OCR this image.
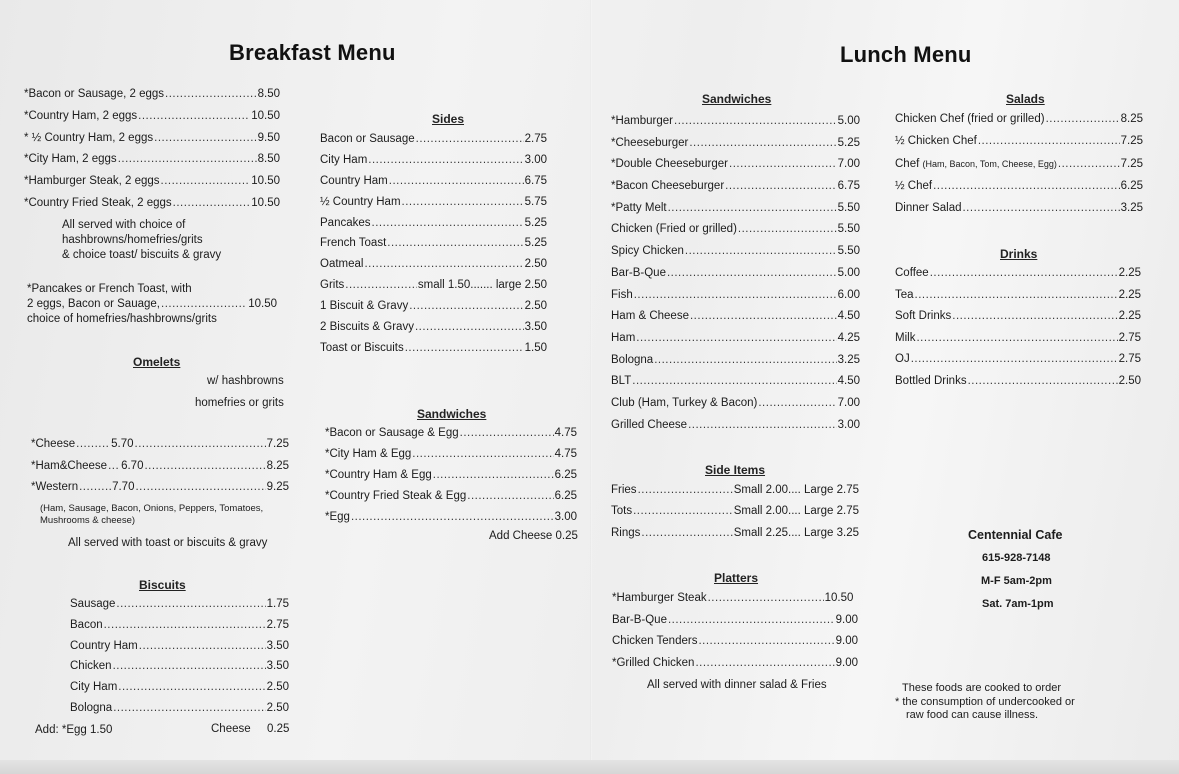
Breakfast Menu
*Bacon or Sausage, 2 eggs .....	8.50
*Country Ham, 2 eggs .....	10.50
* ½ Country Ham, 2 eggs .....	9.50
*City Ham, 2 eggs .....	8.50
*Hamburger Steak, 2 eggs .....	10.50
*Country Fried Steak, 2 eggs .....	10.50
All served with choice of
hashbrowns/homefries/grits
& choice toast/ biscuits & gravy
*Pancakes or French Toast, with
2 eggs, Bacon or Sauage, .....	10.50
choice of homefries/hashbrowns/grits
Omelets
w/ hashbrowns
homefries or grits
*Cheese .....	5.70 .....	7.25
*Ham&Cheese ..... 6.70 .....	8.25
*Western .....	7.70 .....	9.25
(Ham, Sausage, Bacon, Onions, Peppers, Tomatoes,
Mushrooms & cheese)
All served with toast or biscuits & gravy
Biscuits
Sausage .....	1.75
Bacon .....	2.75
Country Ham .....	3.50
Chicken .....	3.50
City Ham .....	2.50
Bologna .....	2.50
Add: *Egg 1.50	Cheese 0.25
Sides
Bacon or Sausage .....	2.75
City Ham .....	3.00
Country Ham .....	6.75
½ Country Ham .....	5.75
Pancakes .....	5.25
French Toast .....	5.25
Oatmeal .....	2.50
Grits .....	small 1.50....... large 2.50
1 Biscuit & Gravy .....	2.50
2 Biscuits & Gravy .....	3.50
Toast or Biscuits .....	1.50
Sandwiches
*Bacon or Sausage & Egg .....	4.75
*City Ham & Egg .....	4.75
*Country Ham & Egg .....	6.25
*Country Fried Steak & Egg .....	6.25
*Egg .....	3.00
Add Cheese 0.25
Lunch Menu
Sandwiches
*Hamburger .....	5.00
*Cheeseburger .....	5.25
*Double Cheeseburger .....	7.00
*Bacon Cheeseburger .....	6.75
*Patty Melt .....	5.50
Chicken (Fried or grilled) .....	5.50
Spicy Chicken .....	5.50
Bar-B-Que .....	5.00
Fish .....	6.00
Ham & Cheese .....	4.50
Ham .....	4.25
Bologna .....	3.25
BLT .....	4.50
Club (Ham, Turkey & Bacon) .....	7.00
Grilled Cheese .....	3.00
Side Items
Fries .....	Small 2.00.... Large 2.75
Tots .....	Small 2.00.... Large 2.75
Rings .....	Small 2.25.... Large 3.25
Platters
*Hamburger Steak .....	10.50
Bar-B-Que .....	9.00
Chicken Tenders .....	9.00
*Grilled Chicken .....	9.00
All served with dinner salad & Fries
Salads
Chicken Chef (fried or grilled) .....	8.25
½ Chicken Chef .....	7.25
Chef
(Ham, Bacon, Tom, Cheese, Egg) .....	7.25
½ Chef .....	6.25
Dinner Salad .....	3.25
Drinks
Coffee .....	2.25
Tea .....	2.25
Soft Drinks .....	2.25
Milk .....	2.75
OJ .....	2.75
Bottled Drinks .....	2.50
Centennial Cafe
615-928-7148
M-F 5am-2pm
Sat. 7am-1pm
These foods are cooked to order
* the consumption of undercooked or
raw food can cause illness.
